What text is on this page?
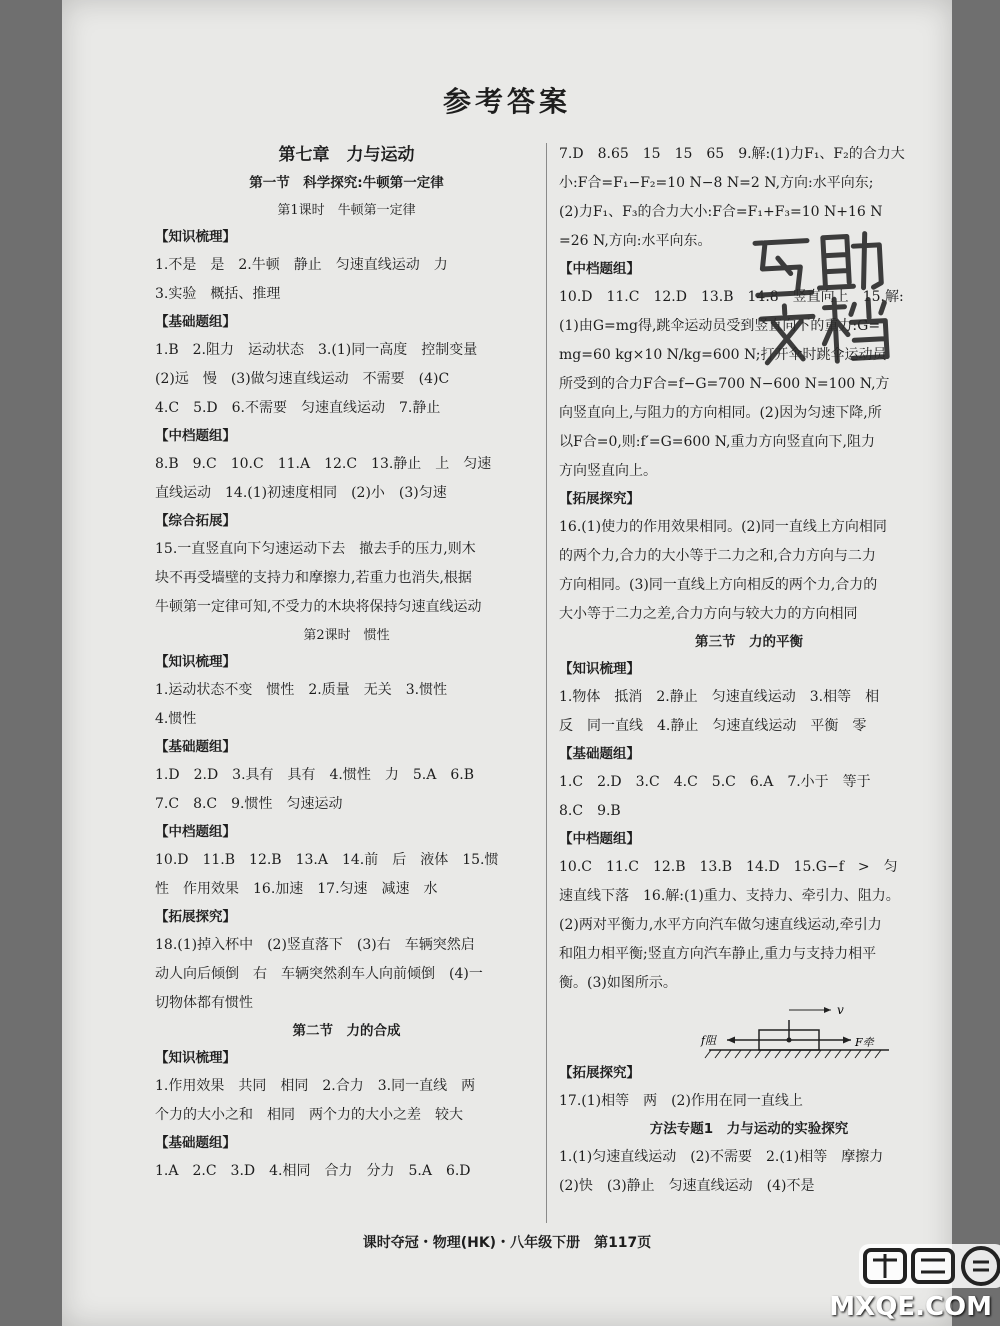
参考答案
第七章　力与运动
第一节　科学探究:牛顿第一定律
第1课时　牛顿第一定律
【知识梳理】
1.不是　是　2.牛顿　静止　匀速直线运动　力
3.实验　概括、推理
【基础题组】
1.B　2.阻力　运动状态　3.(1)同一高度　控制变量
(2)远　慢　(3)做匀速直线运动　不需要　(4)C
4.C　5.D　6.不需要　匀速直线运动　7.静止
【中档题组】
8.B　9.C　10.C　11.A　12.C　13.静止　上　匀速
直线运动　14.(1)初速度相同　(2)小　(3)匀速
【综合拓展】
15.一直竖直向下匀速运动下去　撤去手的压力,则木
块不再受墙壁的支持力和摩擦力,若重力也消失,根据
牛顿第一定律可知,不受力的木块将保持匀速直线运动
第2课时　惯性
【知识梳理】
1.运动状态不变　惯性　2.质量　无关　3.惯性
4.惯性
【基础题组】
1.D　2.D　3.具有　具有　4.惯性　力　5.A　6.B
7.C　8.C　9.惯性　匀速运动
【中档题组】
10.D　11.B　12.B　13.A　14.前　后　液体　15.惯
性　作用效果　16.加速　17.匀速　减速　水
【拓展探究】
18.(1)掉入杯中　(2)竖直落下　(3)右　车辆突然启
动人向后倾倒　右　车辆突然刹车人向前倾倒　(4)一
切物体都有惯性
第二节　力的合成
【知识梳理】
1.作用效果　共同　相同　2.合力　3.同一直线　两
个力的大小之和　相同　两个力的大小之差　较大
【基础题组】
1.A　2.C　3.D　4.相同　合力　分力　5.A　6.D
7.D　8.65　15　15　65　9.解:(1)力F₁、F₂的合力大
小:F合=F₁−F₂=10 N−8 N=2 N,方向:水平向东;
(2)力F₁、F₃的合力大小:F合=F₁+F₃=10 N+16 N
=26 N,方向:水平向东。
【中档题组】
10.D　11.C　12.D　13.B　14.8　竖直向上　15.解:
(1)由G=mg得,跳伞运动员受到竖直向下的重力:G=
mg=60 kg×10 N/kg=600 N;打开伞时跳伞运动员
所受到的合力F合=f−G=700 N−600 N=100 N,方
向竖直向上,与阻力的方向相同。(2)因为匀速下降,所
以F合=0,则:f′=G=600 N,重力方向竖直向下,阻力
方向竖直向上。
【拓展探究】
16.(1)使力的作用效果相同。(2)同一直线上方向相同
的两个力,合力的大小等于二力之和,合力方向与二力
方向相同。(3)同一直线上方向相反的两个力,合力的
大小等于二力之差,合力方向与较大力的方向相同
第三节　力的平衡
【知识梳理】
1.物体　抵消　2.静止　匀速直线运动　3.相等　相
反　同一直线　4.静止　匀速直线运动　平衡　零
【基础题组】
1.C　2.D　3.C　4.C　5.C　6.A　7.小于　等于
8.C　9.B
【中档题组】
10.C　11.C　12.B　13.B　14.D　15.G−f　>　匀
速直线下落　16.解:(1)重力、支持力、牵引力、阻力。
(2)两对平衡力,水平方向汽车做匀速直线运动,牵引力
和阻力相平衡;竖直方向汽车静止,重力与支持力相平
衡。(3)如图所示。
v
f阻	F牵
【拓展探究】
17.(1)相等　两　(2)作用在同一直线上
方法专题1　力与运动的实验探究
1.(1)匀速直线运动　(2)不需要　2.(1)相等　摩擦力
(2)快　(3)静止　匀速直线运动　(4)不是
课时夺冠・物理(HK)・八年级下册　第117页
MXQE.COM
